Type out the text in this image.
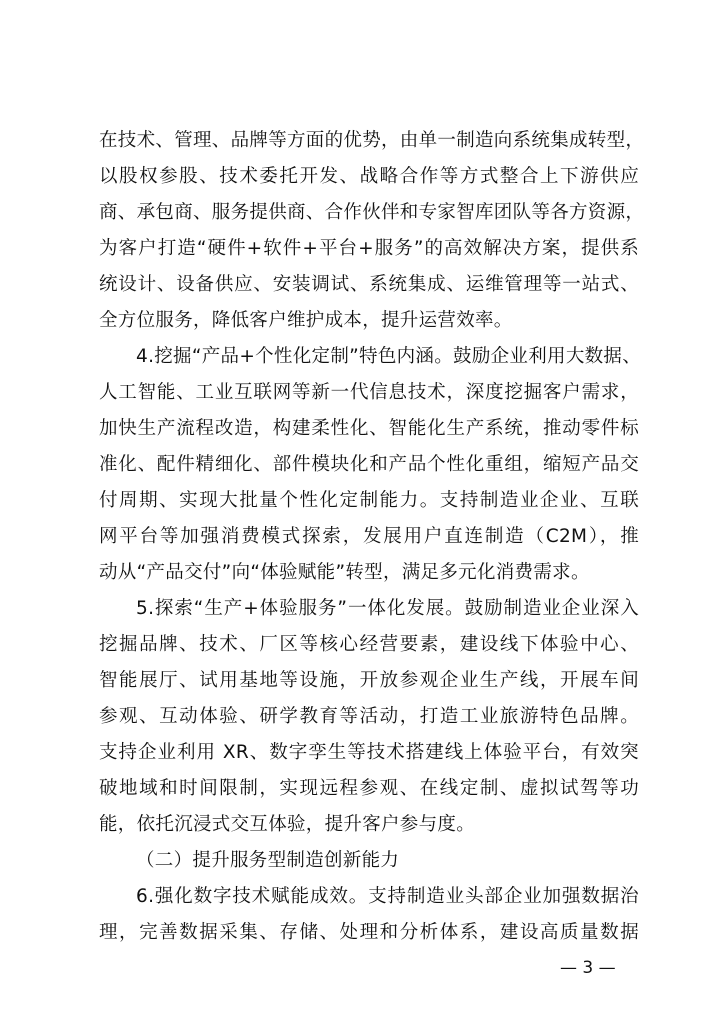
在技术、管理、品牌等方面的优势，由单一制造向系统集成转型，
以股权参股、技术委托开发、战略合作等方式整合上下游供应
商、承包商、服务提供商、合作伙伴和专家智库团队等各方资源，
为客户打造“硬件+软件+平台+服务”的高效解决方案，提供系
统设计、设备供应、安装调试、系统集成、运维管理等一站式、
全方位服务，降低客户维护成本，提升运营效率。
4.挖掘“产品+个性化定制”特色内涵。鼓励企业利用大数据、
人工智能、工业互联网等新一代信息技术，深度挖掘客户需求，
加快生产流程改造，构建柔性化、智能化生产系统，推动零件标
准化、配件精细化、部件模块化和产品个性化重组，缩短产品交
付周期、实现大批量个性化定制能力。支持制造业企业、互联
网平台等加强消费模式探索，发展用户直连制造（C2M），推
动从“产品交付”向“体验赋能”转型，满足多元化消费需求。
5.探索“生产+体验服务”一体化发展。鼓励制造业企业深入
挖掘品牌、技术、厂区等核心经营要素，建设线下体验中心、
智能展厅、试用基地等设施，开放参观企业生产线，开展车间
参观、互动体验、研学教育等活动，打造工业旅游特色品牌。
支持企业利用 XR、数字孪生等技术搭建线上体验平台，有效突
破地域和时间限制，实现远程参观、在线定制、虚拟试驾等功
能，依托沉浸式交互体验，提升客户参与度。
（二）提升服务型制造创新能力
6.强化数字技术赋能成效。支持制造业头部企业加强数据治
理，完善数据采集、存储、处理和分析体系，建设高质量数据
— 3 —
